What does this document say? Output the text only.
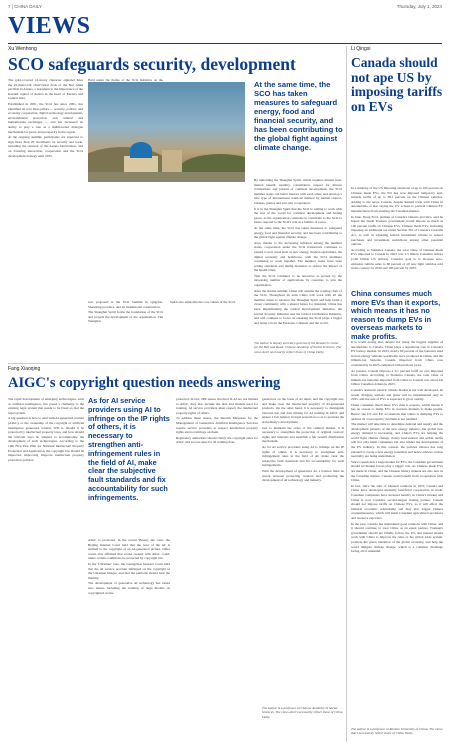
7 | CHINA DAILY	Thursday, July 1, 2024
VIEWS
Xu Wenhong
SCO safeguards security, development

The gold-covered 12-storey character alphabet lines the 25-metre-tall observation deck of the Nur Alem pavilion in Astana, a testament to the importance of the Kazakh capital of Astana in the heart of Eurasia and Central Asia.

Established in 2001, the SCO has since 2001, has identified its core three pillars — security, politics, and economy cooperation, digital technology development, environmental protection, and cultural and humanitarian exchanges — and has increased its ability to play a role as a multifaceted dialogue mechanism for peace and prosperity in the region.

At the ongoing summit, participants are expected to sign more than 20 documents on security and trade, including the renewal of the Astana Declaration, and on fostering innovation, cooperation and the SCO development strategy until 2035.

Held under the theme of the SCO Initiative on the

was proposed at the SCO Summit in Qingdao, Shandong province, and its institutional construction.

The Shanghai Spirit forms the foundation of the SCO and propels the development of the organization. The Shanghai

Spirit also embodies the core values of the SCO.

At the same time, the SCO has taken measures to safeguard energy, food and financial security, and has been contributing to the global fight against climate change.

By upholding the Shanghai Spirit, which requires mutual trust, mutual benefit, equality, consultation, respect for diverse civilizations and pursuit of common development, the SCO member states can better interact with each other, and develop a new type of international relations marked by mutual respect, fairness, justice and win-win cooperation.

It is in the Shanghai Spirit that the SCO is willing to work with the rest of the world for common development and lasting peace, as the organization continues to contribute to the SCO to better respond to the SCO's role as a builder of peace.

At the same time, the SCO has taken measures to safeguard energy, food and financial security, and has been contributing to the global fight against climate change.

Also, thanks to the increasing inflation among the member states, cooperation under the SCO framework continues to extend to new areas such as new energy, modern agriculture, the digital economy and healthcare, with the SCO members continuing to work together. The member states have been setting standards and taking measures to reduce the impact of the health crisis.

That the SCO continues to be attractive is proven by the increasing number of applications by countries to join the organization.

After the Astana summit, China will assume the rotating chair of the SCO. Throughout its term China will work with all the member states to advance the Shanghai Spirit and help build a closer community with a shared future for mankind. China has been implementing the Global Development Initiative, the Global Security Initiative and the Global Civilization Initiative, and will continue to focus on ensuring the SCO plays a bigger and better role in the Eurasian continent and the world.

The author is deputy secretary-general of the Research Center for the Belt and Road, Chinese Academy of Social Sciences. The views don't necessarily reflect those of China Daily.
Li Qingsi
Canada should not ape US by imposing tariffs on EVs

In a ministry of the US imposing sanctions of up to 100 percent on Chinese made EVs, the EU has now imposed temporary anti-subsidy tariffs of up to 38.1 percent on the Chinese vehicles. Adding to the news, Canada, despite limited trade with China in automobiles, is also saying the US' actions to prevent Chinese EV manufacturers from entering the Canadian market.

In June, Doug Ford, premier of Canada's Ontario province, said he hoped the Justin Trudeau government would impose as much as 100 percent tariffs on Chinese EVs. Chinese made EVs, including imposing an additional tax under Section 301 of Canada's Customs Act, as well as adjusting federal investment rebates to reduce purchases and investment restrictions among other potential options.

According to Statistics Canada, the total value of Chinese made EVs imported to Canada in 2023 was 2.3 billion Canadian dollars (1.66 billion US dollars). Canada's goal is to increase zero-emission vehicle sales to 60 percent of all new light vehicles sold in the country by 2030 and 100 percent by 2035.

China consumes much more EVs than it exports, which means it has no reason to dump EVs in overseas markets to make profits.

It is worth noting that, despite not being the biggest supplier of automobiles to Canada, China plays a significant role in Canada's EV battery market. In 2023, nearly 60 percent of the batteries used in new-energy vehicles worldwide were produced in China, and the lithium-ion batteries Canada imported from China rose considerably in 2023 compared with previous years.

As present, Canada imposes a 6.1 percent tariff on cars imported from China. According to Statistics Canada, the total value of lithium-ion batteries imported from China to Canada was about 4.6 billion Canadian dollars in 2023.

Canada's domestic electric vehicle market is not well developed. Its recent charging stations and plans will be implemented only in 2035, and the sale of EVs is expected to grow rapidly.

China consumes much more EVs than it exports, which means it has no reason to dump EVs in overseas markets to make profits. Hence, the US and EU accusations that China is dumping EVs to address its 'overcapacity' problem is not justified.

The market will take time to determine demand and supply and the development patterns of the new energy industry, but global new energy demand is increasing, and China's EVs are helping the world fight climate change. Policy intervention and unfair tariffs will not only harm consumers but also hinder the development of the EV industry. In this context, the policies Ottawa has long pursued to create a new energy transition and hence achieve carbon neutrality are being undermined.

Since Canada has a huge market for EVs, the Canadian government should let market forces play a bigger role. As Chinese made EVs are made in China, and the Chinese battery makers are also new in the Canadian market, Canada could benefit from cooperation with China.

In fact, since the start of bilateral relations in 1970, Canada and China have developed mutually beneficial cooperation in trade. Canadian companies have invested heavily in China's market and China is now Canada's second-largest trading partner. Canada should not impose tariffs on Chinese EVs, as it will affect the bilateral economic relationship and may also trigger China's countermeasures, which will harm Canadian agricultural producers and resource exporters.

In the past, Canada has maintained good relations with China, and it should continue to treat China as an equal partner. Trudeau's government should not blindly follow the US, and instead should work with China to improve the rules of the global trade system, promote the green transition of the global economy, and help the world mitigate climate change, which is a common challenge facing all of mankind.

The author is a professor at Renmin University of China. The views don't necessarily reflect those of China Daily.
Fang Xiaoqing
AIGC's copyright question needs answering

The rapid development of emerging technologies, such as artificial intelligence, has posed a challenge to the existing legal system that needs to be fixed so that the legal system.

A big question is how to deal with AI-generated content (AIGC), or the ownership of the copyright of artificial intelligence generated content. Will it, should it be protected by intellectual property laws, and how should the relevant laws be adapted to accommodate the development of such technologies. According to the 14th Five-Year Plan for National Intellectual Property Protection and Application, the copyright law should be improved, improving 'improve intellectual property protection policies'.

As for AI service providers using AI to infringe on the IP rights of others, it is necessary to strengthen anti-infringement rules in the field of AI, make clear the subjective fault standards and fix accountability for such infringements.

AIGC is protected. In the recent 'Beauty the case', the Beijing Internet Court held that the 'user of the AI' is entitled to the copyright of an AI-generated picture. Other courts also affirmed that works created with AIGC could, under certain conditions, be protected by copyright law.

In the 'Ultraman' case, the Guangzhou Internet Court held that the AI service provider infringed on the copyright of the Ultraman images, and that the platform should bear the liability.

The development of generative AI technology has raised new issues, including the training of large models on copyrighted works.

protected. In fact, IPR issues involved in AI are not limited to AIGC, they also include the data and models used for training. AI service providers must respect the intellectual property rights of others.

To address these issues, the Interim Measures for the Management of Generative Artificial Intelligence Services require service providers to respect intellectual property rights and not infringe on them.

Regulatory authorities should clarify the copyright rules for AIGC and set out rules for AI training data.

generators on the basis of AI input, and the copyright law, and make clear the intellectual property of AI-generated products. On the other hand, it is necessary to distinguish between use and data mining for AI training in AIGC and ensure a fair balance in legal protection so as to promote the AI industry's development.

Just to maintain the order of the cultural market, it is necessary to strengthen the protection of original creators' rights and interests and establish a fair benefit distribution mechanism.

As for AI service providers using AI to infringe on the IP rights of others, it is necessary to strengthen anti-infringement rules in the field of AI, make clear the subjective fault standards and fix accountability for such infringements.

With the development of generative AI, a balance must be struck between protecting creators and promoting the development of AI technology and industry.

The author is a professor at Chinese Academy of Social Sciences. The views don't necessarily reflect those of China Daily.
